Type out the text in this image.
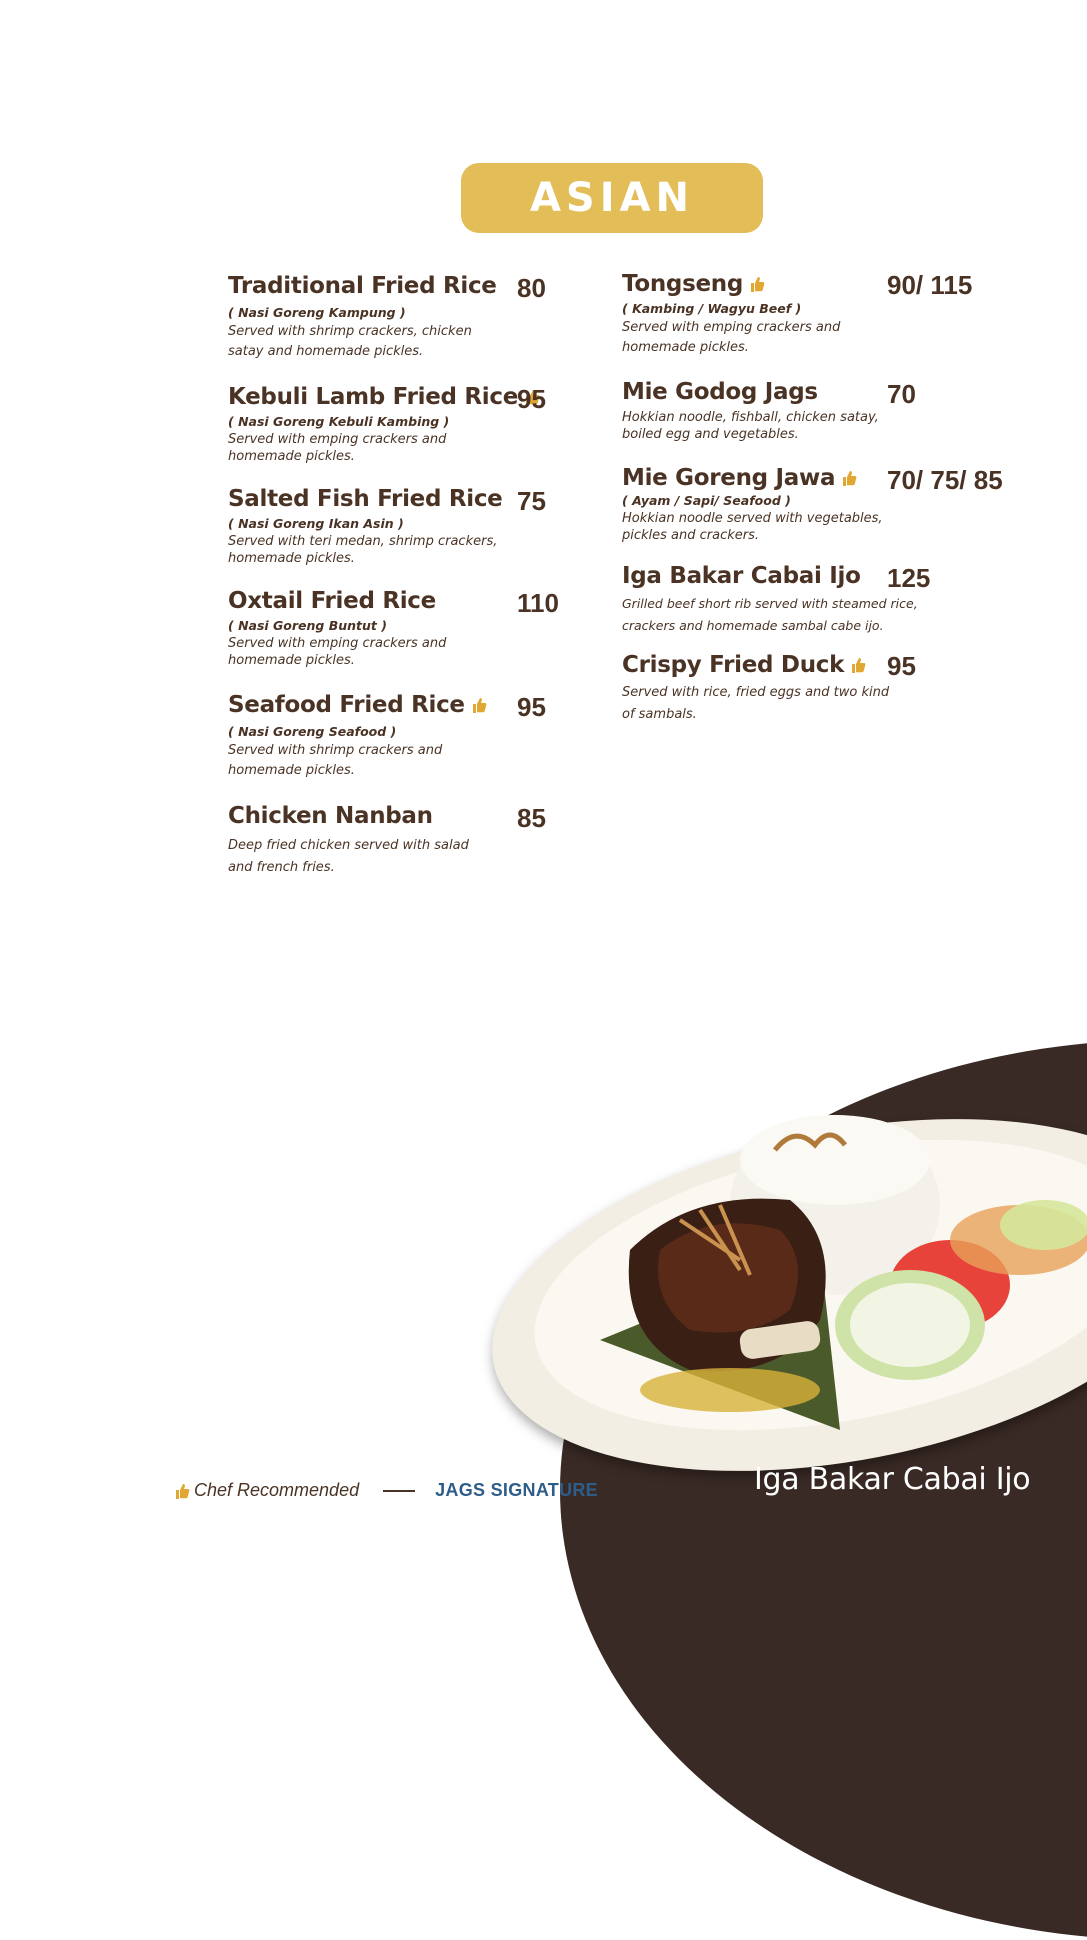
ASIAN
Traditional Fried Rice
( Nasi Goreng Kampung )
Served with shrimp crackers, chicken
satay and homemade pickles.
80
Kebuli Lamb Fried Rice
( Nasi Goreng Kebuli Kambing )
Served with emping crackers and
homemade pickles.
95
Salted Fish Fried Rice
( Nasi Goreng Ikan Asin )
Served with teri medan, shrimp crackers,
homemade pickles.
75
Oxtail Fried Rice
( Nasi Goreng Buntut )
Served with emping crackers and
homemade pickles.
110
Seafood Fried Rice
( Nasi Goreng Seafood )
Served with shrimp crackers and
homemade pickles.
95
Chicken Nanban
Deep fried chicken served with salad
and french fries.
85
Tongseng
( Kambing / Wagyu Beef )
Served with emping crackers and
homemade pickles.
90/ 115
Mie Godog Jags
Hokkian noodle, fishball, chicken satay,
boiled egg and vegetables.
70
Mie Goreng Jawa
( Ayam / Sapi/ Seafood )
Hokkian noodle served with vegetables,
pickles and crackers.
70/ 75/ 85
Iga Bakar Cabai Ijo
Grilled beef short rib served with steamed rice,
crackers and homemade sambal cabe ijo.
125
Crispy Fried Duck
Served with rice, fried eggs and two kind
of sambals.
95
Iga Bakar Cabai Ijo
Chef Recommended	JAGS SIGNATURE
